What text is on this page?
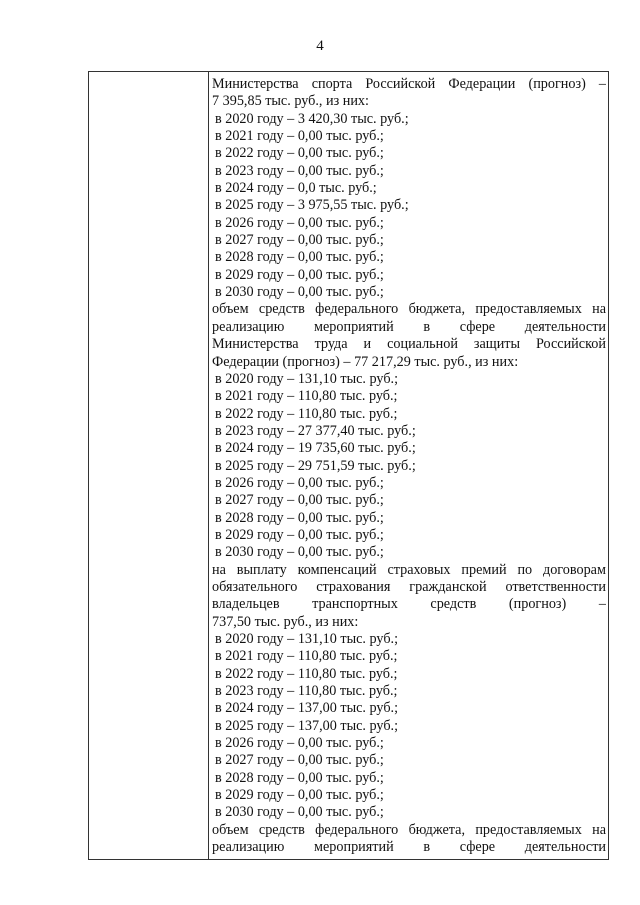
4
Министерства спорта Российской Федерации (прогноз) –
7 395,85 тыс. руб., из них:
в 2020 году – 3 420,30 тыс. руб.;
в 2021 году – 0,00 тыс. руб.;
в 2022 году – 0,00 тыс. руб.;
в 2023 году – 0,00 тыс. руб.;
в 2024 году – 0,0 тыс. руб.;
в 2025 году – 3 975,55 тыс. руб.;
в 2026 году – 0,00 тыс. руб.;
в 2027 году – 0,00 тыс. руб.;
в 2028 году – 0,00 тыс. руб.;
в 2029 году – 0,00 тыс. руб.;
в 2030 году – 0,00 тыс. руб.;
объем средств федерального бюджета, предоставляемых на
реализацию мероприятий в сфере деятельности
Министерства труда и социальной защиты Российской
Федерации (прогноз) – 77 217,29 тыс. руб., из них:
в 2020 году – 131,10 тыс. руб.;
в 2021 году – 110,80 тыс. руб.;
в 2022 году – 110,80 тыс. руб.;
в 2023 году – 27 377,40 тыс. руб.;
в 2024 году – 19 735,60 тыс. руб.;
в 2025 году – 29 751,59 тыс. руб.;
в 2026 году – 0,00 тыс. руб.;
в 2027 году – 0,00 тыс. руб.;
в 2028 году – 0,00 тыс. руб.;
в 2029 году – 0,00 тыс. руб.;
в 2030 году – 0,00 тыс. руб.;
на выплату компенсаций страховых премий по договорам
обязательного страхования гражданской ответственности
владельцев транспортных средств (прогноз) –
737,50 тыс. руб., из них:
в 2020 году – 131,10 тыс. руб.;
в 2021 году – 110,80 тыс. руб.;
в 2022 году – 110,80 тыс. руб.;
в 2023 году – 110,80 тыс. руб.;
в 2024 году – 137,00 тыс. руб.;
в 2025 году – 137,00 тыс. руб.;
в 2026 году – 0,00 тыс. руб.;
в 2027 году – 0,00 тыс. руб.;
в 2028 году – 0,00 тыс. руб.;
в 2029 году – 0,00 тыс. руб.;
в 2030 году – 0,00 тыс. руб.;
объем средств федерального бюджета, предоставляемых на
реализацию мероприятий в сфере деятельности
